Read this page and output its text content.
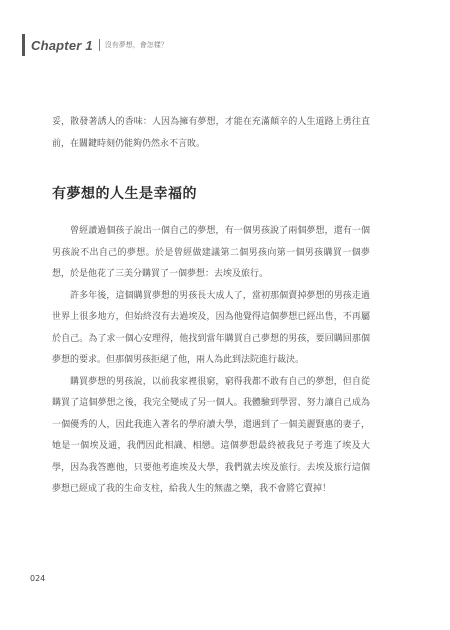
Chapter 1 沒有夢想，會怎樣？

妥，散發著誘人的香味：人因為擁有夢想，才能在充滿顛辛的人生道路上勇往直前，在關鍵時刻仍能夠仍然永不言敗。

有夢想的人生是幸福的

曾經讀過個孩子說出一個自己的夢想，有一個男孩說了兩個夢想，還有一個男孩說不出自己的夢想。於是曾經做建議第二個男孩向第一個男孩購買一個夢想，於是他花了三美分購買了一個夢想：去埃及旅行。

許多年後，這個購買夢想的男孩長大成人了，當初那個賣掉夢想的男孩走過世界上很多地方，但始終沒有去過埃及，因為他覺得這個夢想已經出售，不再屬於自己。為了求一個心安理得，他找到當年購買自己夢想的男孩，要回購回那個夢想的要求。但那個男孩拒絕了他，兩人為此到法院進行裁決。

購買夢想的男孩說，以前我家裡很窮，窮得我都不敢有自己的夢想，但自從購買了這個夢想之後，我完全變成了另一個人。我體驗到學習、努力讓自己成為一個優秀的人，因此我進入著名的學府讀大學，還遇到了一個美麗賢惠的妻子，她是一個埃及通，我們因此相識、相戀。這個夢想最終被我兒子考進了埃及大學，因為我答應他，只要他考進埃及大學，我們就去埃及旅行。去埃及旅行這個夢想已經成了我的生命支柱，給我人生的無盡之樂，我不會將它賣掉！

024
